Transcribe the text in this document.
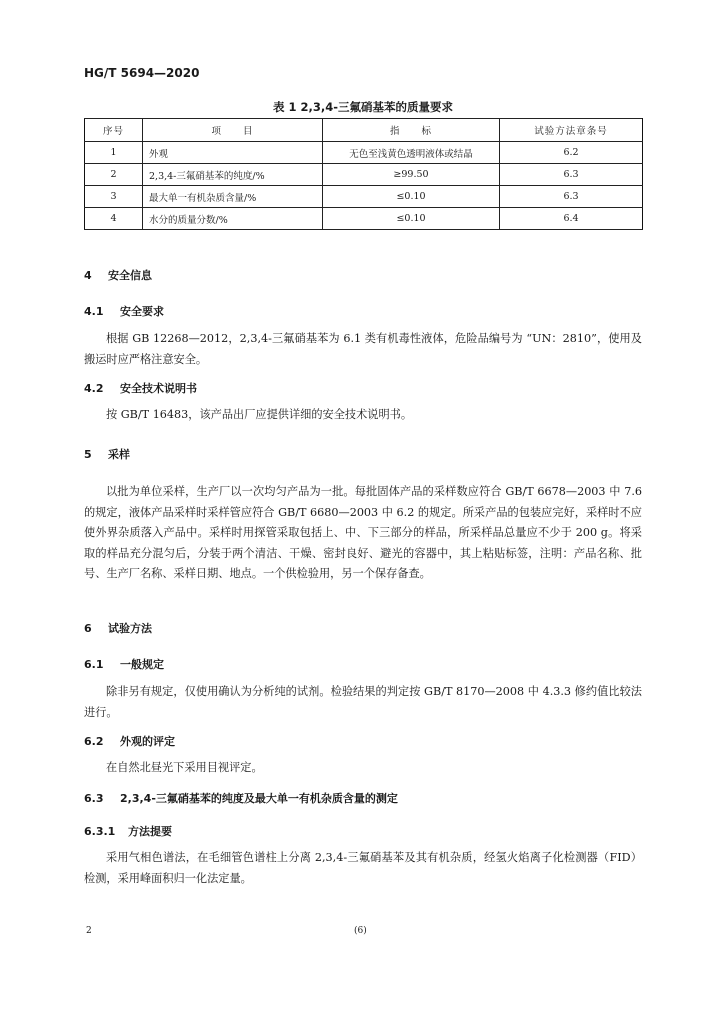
HG/T 5694—2020
表 1 2,3,4-三氟硝基苯的质量要求
序号	项　　目	指　　标	试验方法章条号
1	外观	无色至浅黄色透明液体或结晶	6.2
2	2,3,4-三氟硝基苯的纯度/%	≥99.50	6.3
3	最大单一有机杂质含量/%	≤0.10	6.3
4	水分的质量分数/%	≤0.10	6.4
4 安全信息
4.1 安全要求
根据 GB 12268—2012，2,3,4-三氟硝基苯为 6.1 类有机毒性液体，危险品编号为 “UN：2810”，使用及搬运时应严格注意安全。
4.2 安全技术说明书
按 GB/T 16483，该产品出厂应提供详细的安全技术说明书。
5 采样
以批为单位采样，生产厂以一次均匀产品为一批。每批固体产品的采样数应符合 GB/T 6678—2003 中 7.6 的规定，液体产品采样时采样管应符合 GB/T 6680—2003 中 6.2 的规定。所采产品的包装应完好，采样时不应使外界杂质落入产品中。采样时用探管采取包括上、中、下三部分的样品，所采样品总量应不少于 200 g。将采取的样品充分混匀后，分装于两个清洁、干燥、密封良好、避光的容器中，其上粘贴标签，注明：产品名称、批号、生产厂名称、采样日期、地点。一个供检验用，另一个保存备查。
6 试验方法
6.1 一般规定
除非另有规定，仅使用确认为分析纯的试剂。检验结果的判定按 GB/T 8170—2008 中 4.3.3 修约值比较法进行。
6.2 外观的评定
在自然北昼光下采用目视评定。
6.3 2,3,4-三氟硝基苯的纯度及最大单一有机杂质含量的测定
6.3.1 方法提要
采用气相色谱法，在毛细管色谱柱上分离 2,3,4-三氟硝基苯及其有机杂质，经氢火焰离子化检测器（FID）检测，采用峰面积归一化法定量。
2	(6)
